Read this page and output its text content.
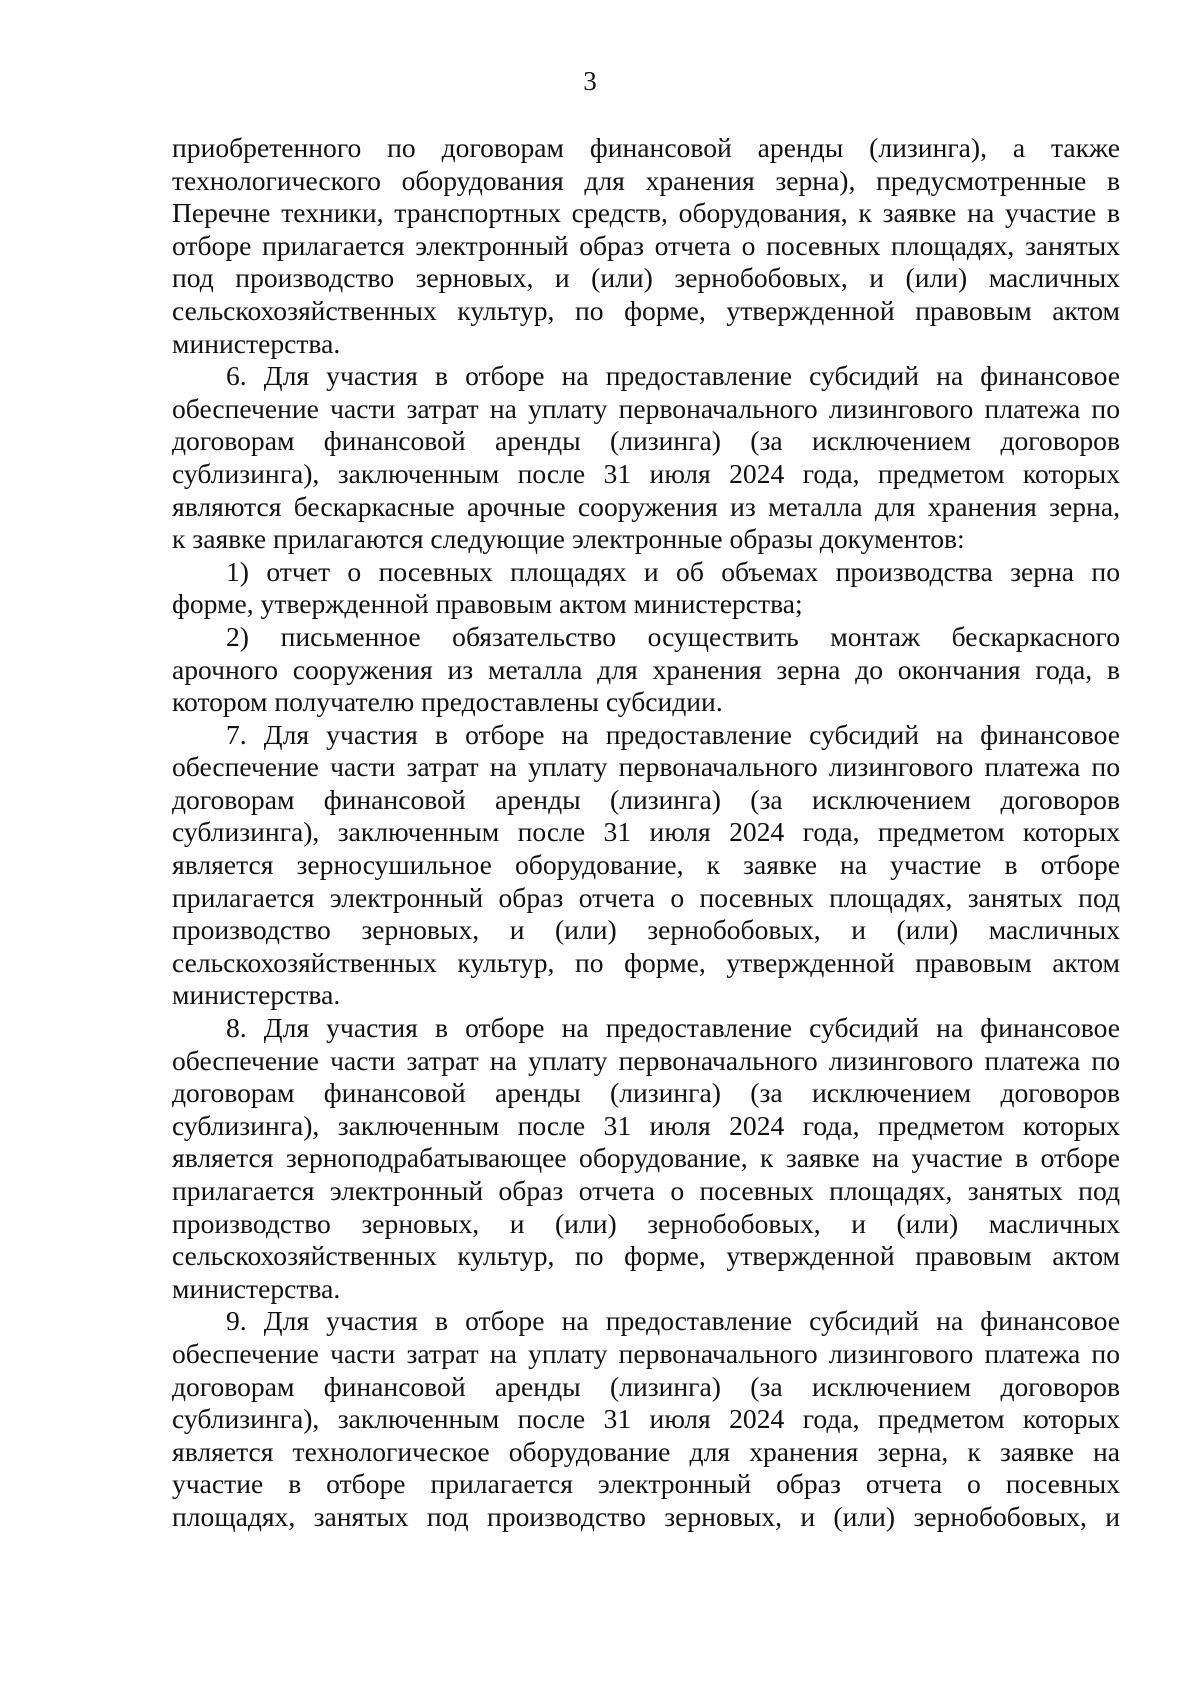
3
приобретенного по договорам финансовой аренды (лизинга), а также
технологического оборудования для хранения зерна), предусмотренные в
Перечне техники, транспортных средств, оборудования, к заявке на участие в
отборе прилагается электронный образ отчета о посевных площадях, занятых
под производство зерновых, и (или) зернобобовых, и (или) масличных
сельскохозяйственных культур, по форме, утвержденной правовым актом
министерства.
6. Для участия в отборе на предоставление субсидий на финансовое
обеспечение части затрат на уплату первоначального лизингового платежа по
договорам финансовой аренды (лизинга) (за исключением договоров
сублизинга), заключенным после 31 июля 2024 года, предметом которых
являются бескаркасные арочные сооружения из металла для хранения зерна,
к заявке прилагаются следующие электронные образы документов:
1) отчет о посевных площадях и об объемах производства зерна по
форме, утвержденной правовым актом министерства;
2) письменное обязательство осуществить монтаж бескаркасного
арочного сооружения из металла для хранения зерна до окончания года, в
котором получателю предоставлены субсидии.
7. Для участия в отборе на предоставление субсидий на финансовое
обеспечение части затрат на уплату первоначального лизингового платежа по
договорам финансовой аренды (лизинга) (за исключением договоров
сублизинга), заключенным после 31 июля 2024 года, предметом которых
является зерносушильное оборудование, к заявке на участие в отборе
прилагается электронный образ отчета о посевных площадях, занятых под
производство зерновых, и (или) зернобобовых, и (или) масличных
сельскохозяйственных культур, по форме, утвержденной правовым актом
министерства.
8. Для участия в отборе на предоставление субсидий на финансовое
обеспечение части затрат на уплату первоначального лизингового платежа по
договорам финансовой аренды (лизинга) (за исключением договоров
сублизинга), заключенным после 31 июля 2024 года, предметом которых
является зерноподрабатывающее оборудование, к заявке на участие в отборе
прилагается электронный образ отчета о посевных площадях, занятых под
производство зерновых, и (или) зернобобовых, и (или) масличных
сельскохозяйственных культур, по форме, утвержденной правовым актом
министерства.
9. Для участия в отборе на предоставление субсидий на финансовое
обеспечение части затрат на уплату первоначального лизингового платежа по
договорам финансовой аренды (лизинга) (за исключением договоров
сублизинга), заключенным после 31 июля 2024 года, предметом которых
является технологическое оборудование для хранения зерна, к заявке на
участие в отборе прилагается электронный образ отчета о посевных
площадях, занятых под производство зерновых, и (или) зернобобовых, и
